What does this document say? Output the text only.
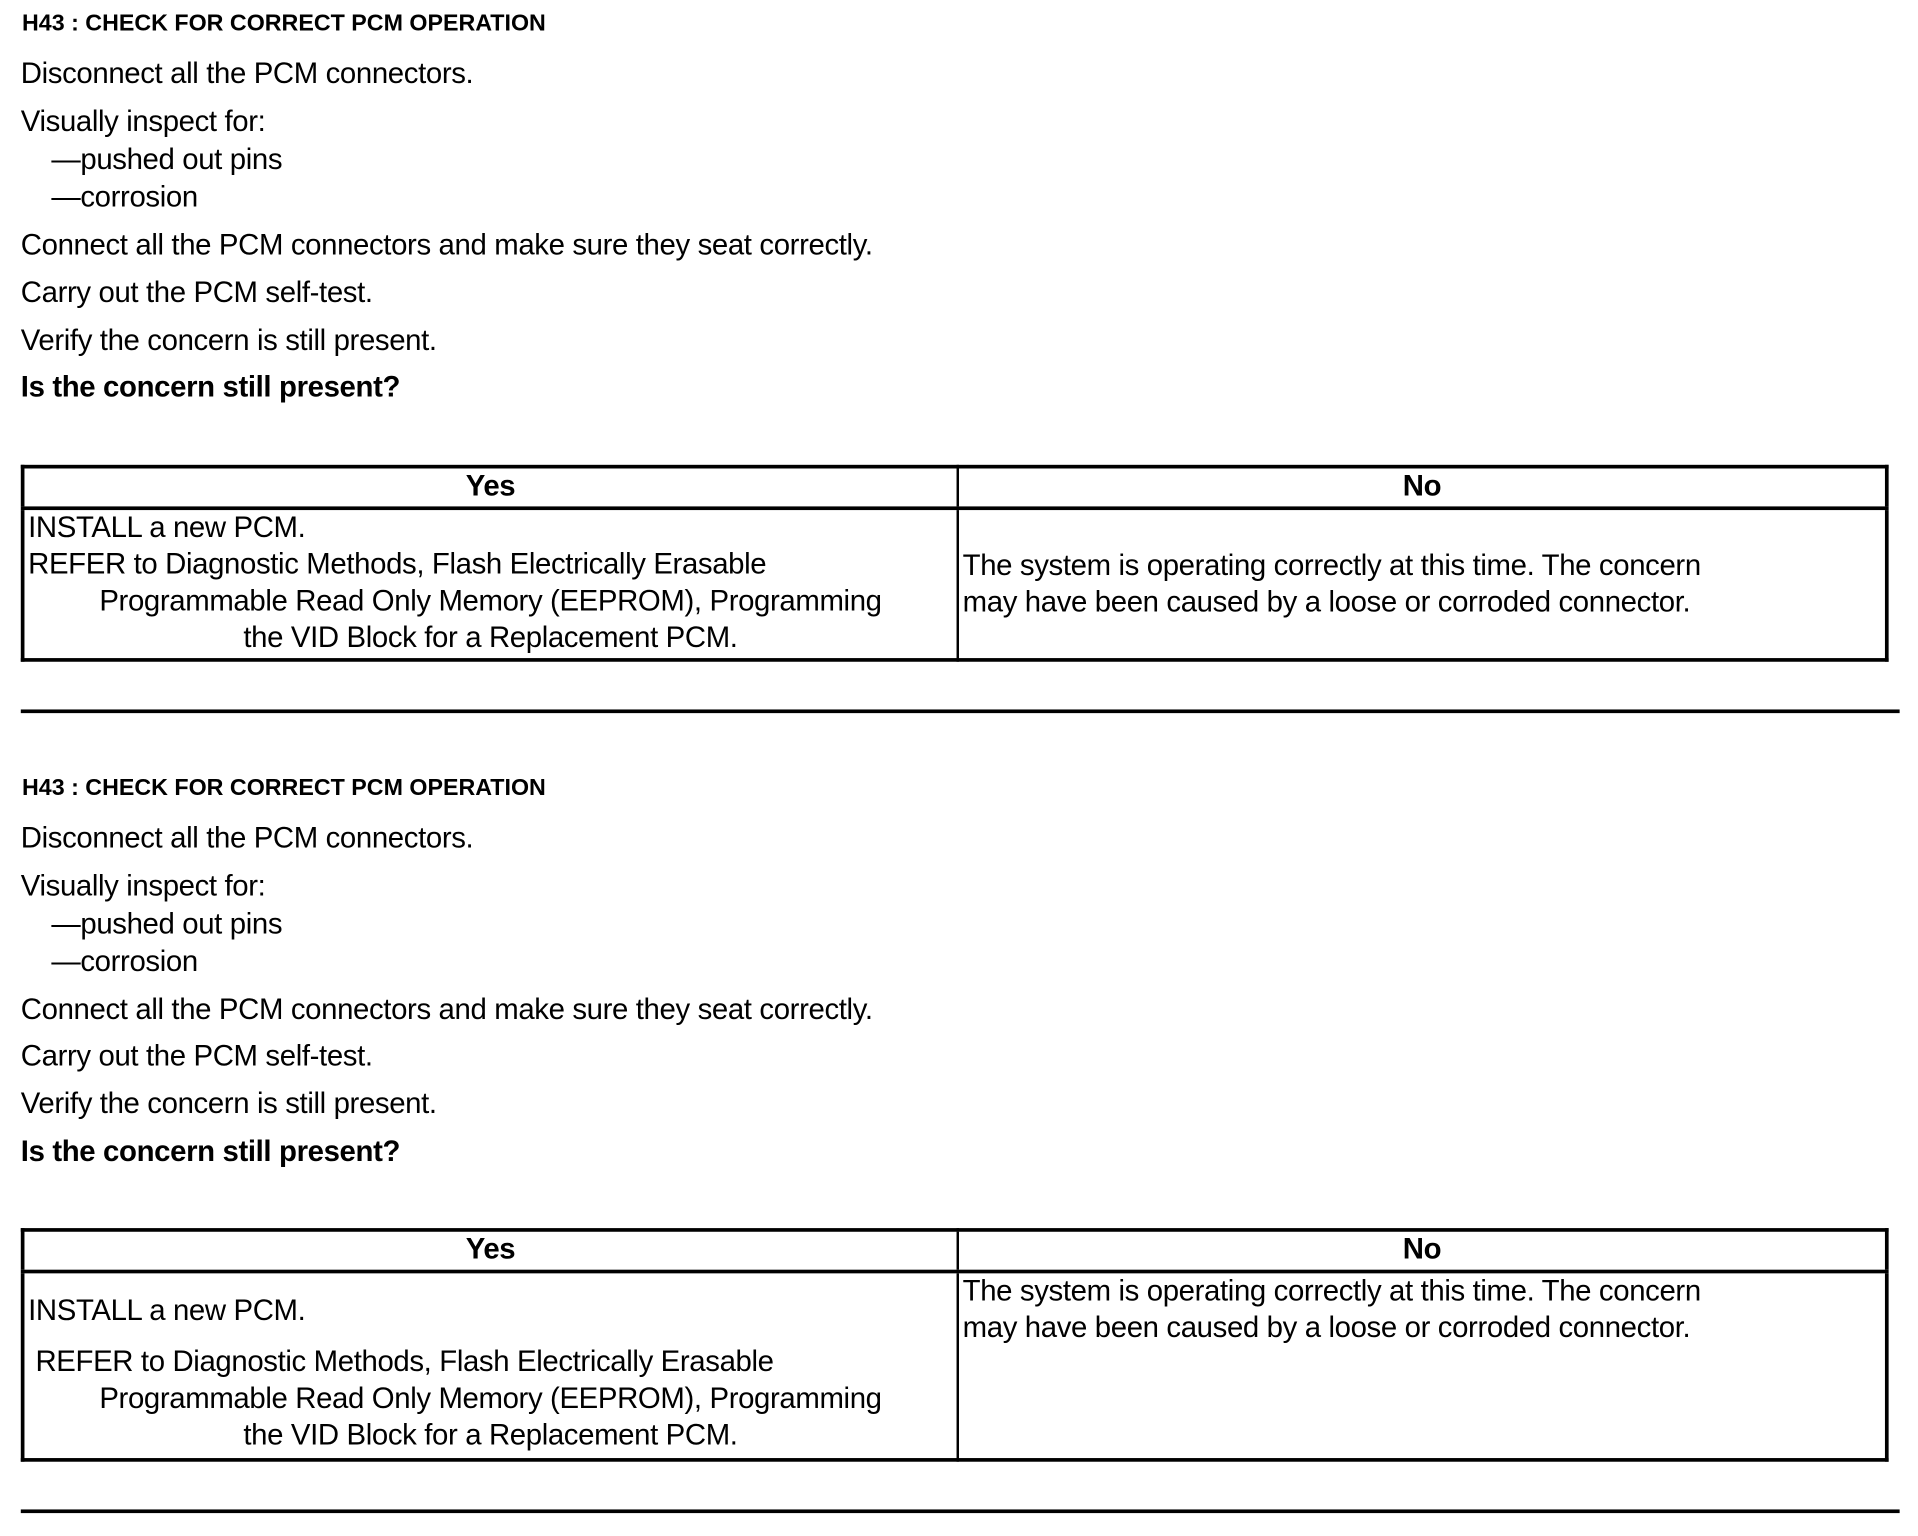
H43 : CHECK FOR CORRECT PCM OPERATION
Disconnect all the PCM connectors.
Visually inspect for:
—pushed out pins
—corrosion
Connect all the PCM connectors and make sure they seat correctly.
Carry out the PCM self-test.
Verify the concern is still present.
Is the concern still present?
Yes	No

INSTALL a new PCM.
REFER to Diagnostic Methods, Flash Electrically Erasable
Programmable Read Only Memory (EEPROM), Programming
the VID Block for a Replacement PCM.	The system is operating correctly at this time. The concern
may have been caused by a loose or corroded connector.
H43 : CHECK FOR CORRECT PCM OPERATION
Disconnect all the PCM connectors.
Visually inspect for:
—pushed out pins
—corrosion
Connect all the PCM connectors and make sure they seat correctly.
Carry out the PCM self-test.
Verify the concern is still present.
Is the concern still present?
Yes	No

INSTALL a new PCM.
REFER to Diagnostic Methods, Flash Electrically Erasable
Programmable Read Only Memory (EEPROM), Programming
the VID Block for a Replacement PCM.	The system is operating correctly at this time. The concern
may have been caused by a loose or corroded connector.
